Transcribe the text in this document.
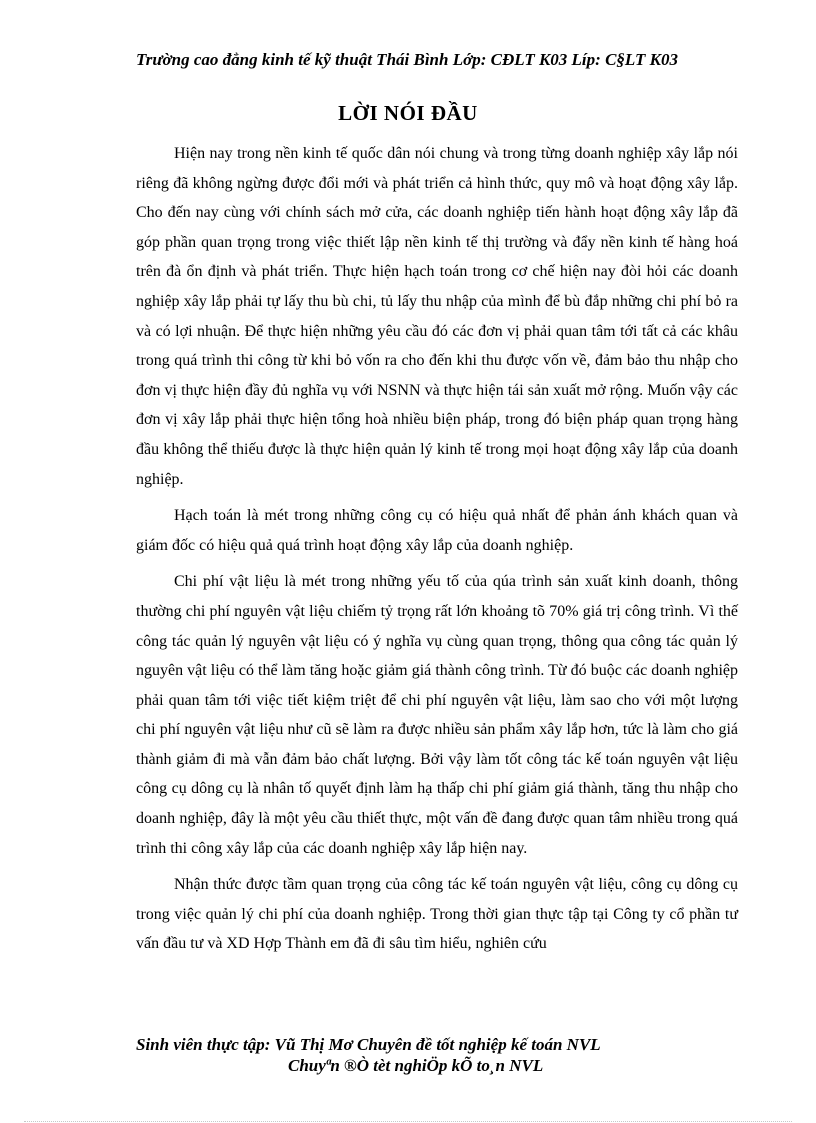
Trường cao đẳng kinh tế kỹ thuật Thái Bình Lớp: CĐLT K03 Líp: C§LT K03
LỜI NÓI ĐẦU

Hiện nay trong nền kinh tế quốc dân nói chung và trong từng doanh nghiệp xây lắp nói riêng đã không ngừng được đổi mới và phát triển cả hình thức, quy mô và hoạt động xây lắp. Cho đến nay cùng với chính sách mở cửa, các doanh nghiệp tiến hành hoạt động xây lắp đã góp phần quan trọng trong việc thiết lập nền kinh tế thị trường và đẩy nền kinh tế hàng hoá trên đà ổn định và phát triển. Thực hiện hạch toán trong cơ chế hiện nay đòi hỏi các doanh nghiệp xây lắp phải tự lấy thu bù chi, tủ lấy thu nhập của mình để bù đắp những chi phí bỏ ra và có lợi nhuận. Để thực hiện những yêu cầu đó các đơn vị phải quan tâm tới tất cả các khâu trong quá trình thi công từ khi bỏ vốn ra cho đến khi thu được vốn về, đảm bảo thu nhập cho đơn vị thực hiện đầy đủ nghĩa vụ với NSNN và thực hiện tái sản xuất mở rộng. Muốn vậy các đơn vị xây lắp phải thực hiện tổng hoà nhiều biện pháp, trong đó biện pháp quan trọng hàng đầu không thể thiếu được là thực hiện quản lý kinh tế trong mọi hoạt động xây lắp của doanh nghiệp.

Hạch toán là mét trong những công cụ có hiệu quả nhất để phản ánh khách quan và giám đốc có hiệu quả quá trình hoạt động xây lắp của doanh nghiệp.

Chi phí vật liệu là mét trong những yếu tố của qúa trình sản xuất kinh doanh, thông thường chi phí nguyên vật liệu chiếm tỷ trọng rất lớn khoảng tõ 70% giá trị công trình. Vì thế công tác quản lý nguyên vật liệu có ý nghĩa vụ cùng quan trọng, thông qua công tác quản lý nguyên vật liệu có thể làm tăng hoặc giảm giá thành công trình. Từ đó buộc các doanh nghiệp phải quan tâm tới việc tiết kiệm triệt để chi phí nguyên vật liệu, làm sao cho với một lượng chi phí nguyên vật liệu như cũ sẽ làm ra được nhiều sản phẩm xây lắp hơn, tức là làm cho giá thành giảm đi mà vẫn đảm bảo chất lượng. Bởi vậy làm tốt công tác kế toán nguyên vật liệu công cụ dông cụ là nhân tố quyết định làm hạ thấp chi phí giảm giá thành, tăng thu nhập cho doanh nghiệp, đây là một yêu cầu thiết thực, một vấn đề đang được quan tâm nhiều trong quá trình thi công xây lắp của các doanh nghiệp xây lắp hiện nay.

Nhận thức được tầm quan trọng của công tác kế toán nguyên vật liệu, công cụ dông cụ trong việc quản lý chi phí của doanh nghiệp. Trong thời gian thực tập tại Công ty cổ phần tư vấn đầu tư và XD Hợp Thành em đã đi sâu tìm hiểu, nghiên cứu

Sinh viên thực tập: Vũ Thị Mơ Chuyên đề tốt nghiệp kế toán NVL
Chuyªn ®Ò tèt nghiÖp kÕ to¸n NVL
